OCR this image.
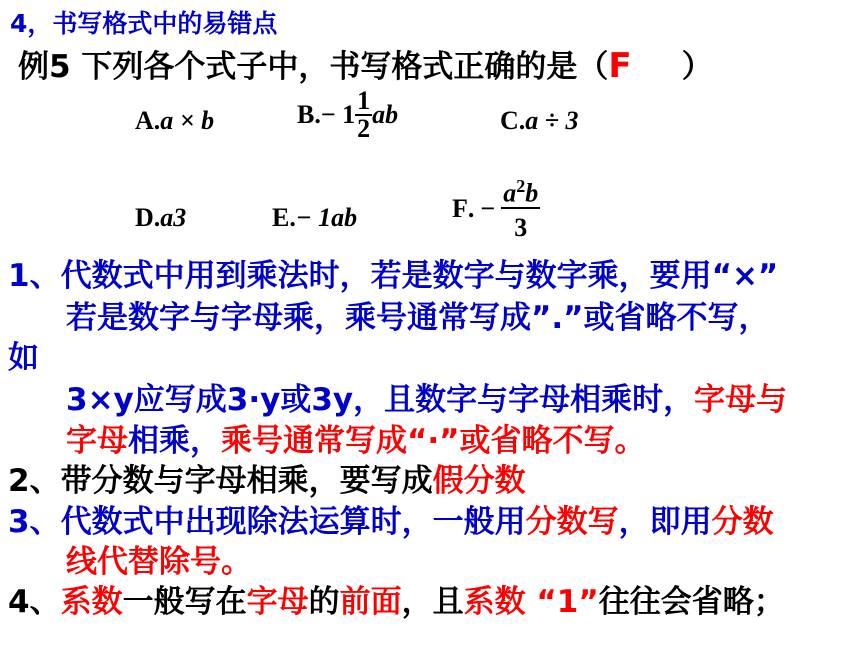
4，书写格式中的易错点
例5 下列各个式子中，书写格式正确的是（F ）
A.a × b	$B.- 1 \frac{1}{2}$ ab	C.a ÷ 3
D.a3	E.− 1ab	F. − $\frac{a^2b}{3}$
1、代数式中用到乘法时，若是数字与数字乘，要用“×”
若是数字与字母乘，乘号通常写成”.”或省略不写，
如
3×y应写成3·y或3y，且数字与字母相乘时，字母与
字母相乘，乘号通常写成“·”或省略不写。
2、带分数与字母相乘，要写成假分数
3、代数式中出现除法运算时，一般用分数写，即用分数
线代替除号。
4、系数一般写在字母的前面，且系数 “1”往往会省略；
